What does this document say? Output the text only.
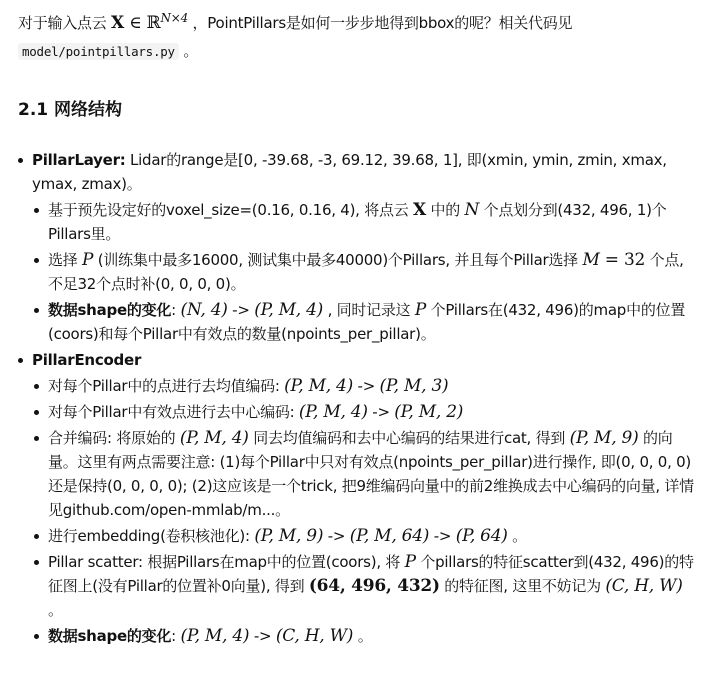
对于输入点云 X ∈ ℝ$^{N\times 4}$ ，PointPillars是如何一步步地得到bbox的呢？相关代码见

model/pointpillars.py 。

2.1 网络结构
PillarLayer: Lidar的range是[0, -39.68, -3, 69.12, 39.68, 1], 即(xmin, ymin, zmin, xmax, ymax, zmax)。
基于预先设定好的voxel_size=(0.16, 0.16, 4), 将点云 X 中的 N 个点划分到(432, 496, 1)个Pillars里。
选择 P (训练集中最多16000, 测试集中最多40000)个Pillars, 并且每个Pillar选择 M = 32 个点, 不足32个点时补(0, 0, 0, 0)。
数据shape的变化: (N, 4) -> (P, M, 4) , 同时记录这 P 个Pillars在(432, 496)的map中的位置(coors)和每个Pillar中有效点的数量(npoints_per_pillar)。
PillarEncoder
对每个Pillar中的点进行去均值编码: (P, M, 4) -> (P, M, 3)
对每个Pillar中有效点进行去中心编码: (P, M, 4) -> (P, M, 2)
合并编码: 将原始的 (P, M, 4) 同去均值编码和去中心编码的结果进行cat, 得到 (P, M, 9) 的向量。这里有两点需要注意: (1)每个Pillar中只对有效点(npoints_per_pillar)进行操作, 即(0, 0, 0, 0)还是保持(0, 0, 0, 0); (2)这应该是一个trick, 把9维编码向量中的前2维换成去中心编码的向量, 详情见github.com/open-mmlab/m...。
进行embedding(卷积核池化): (P, M, 9) -> (P, M, 64) -> (P, 64) 。
Pillar scatter: 根据Pillars在map中的位置(coors), 将 P 个pillars的特征scatter到(432, 496)的特征图上(没有Pillar的位置补0向量), 得到 (64, 496, 432) 的特征图, 这里不妨记为 (C, H, W) 。
数据shape的变化: (P, M, 4) -> (C, H, W) 。
